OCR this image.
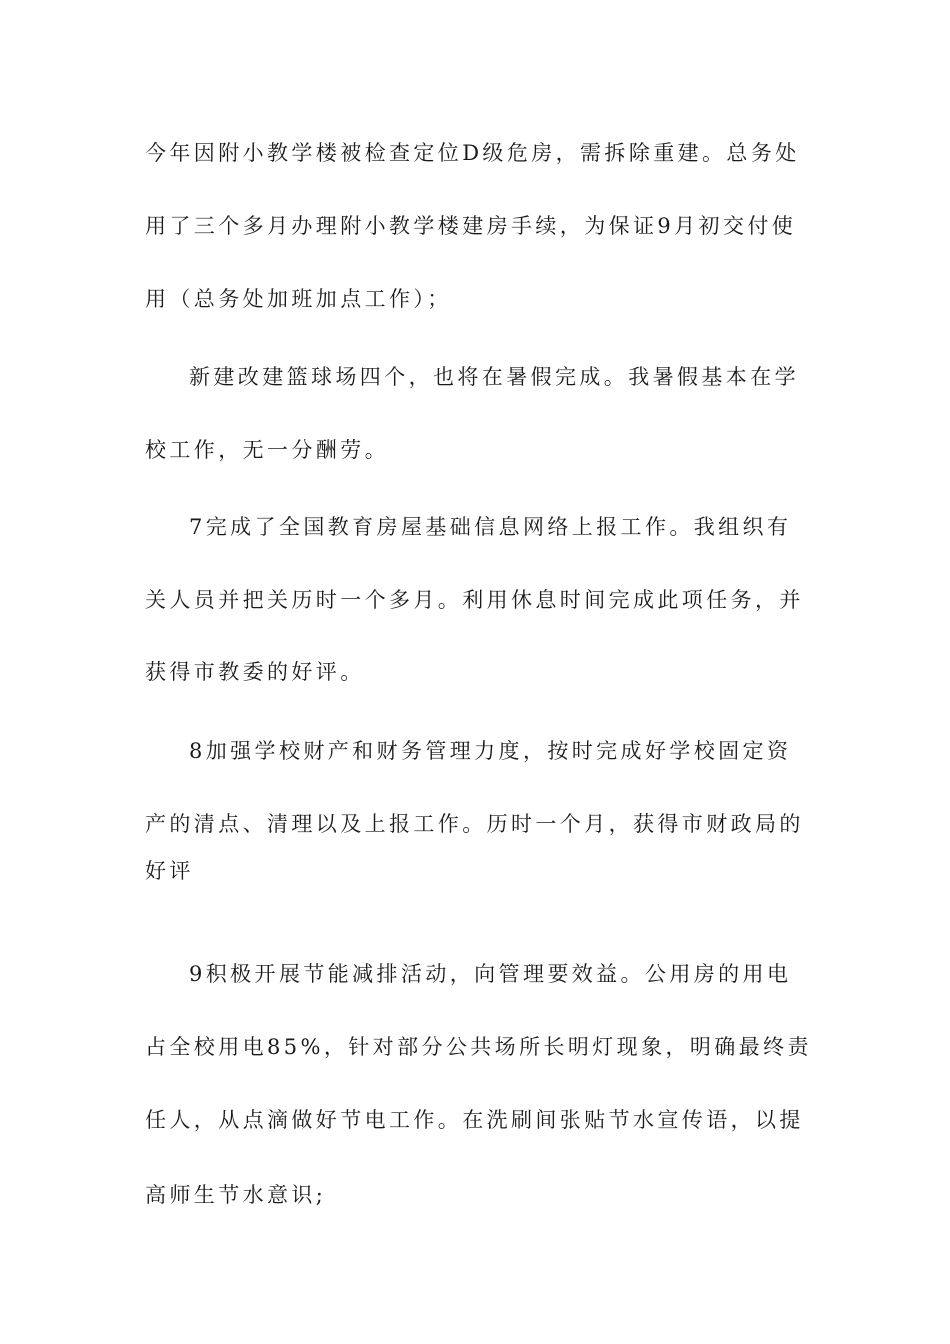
今年因附小教学楼被检查定位D级危房，需拆除重建。总务处
用了三个多月办理附小教学楼建房手续，为保证9月初交付使
用（总务处加班加点工作）；
新建改建篮球场四个，也将在暑假完成。我暑假基本在学
校工作，无一分酬劳。
7完成了全国教育房屋基础信息网络上报工作。我组织有
关人员并把关历时一个多月。利用休息时间完成此项任务，并
获得市教委的好评。
8加强学校财产和财务管理力度，按时完成好学校固定资
产的清点、清理以及上报工作。历时一个月，获得市财政局的
好评
9积极开展节能减排活动，向管理要效益。公用房的用电
占全校用电85%，针对部分公共场所长明灯现象，明确最终责
任人，从点滴做好节电工作。在洗刷间张贴节水宣传语，以提
高师生节水意识;
